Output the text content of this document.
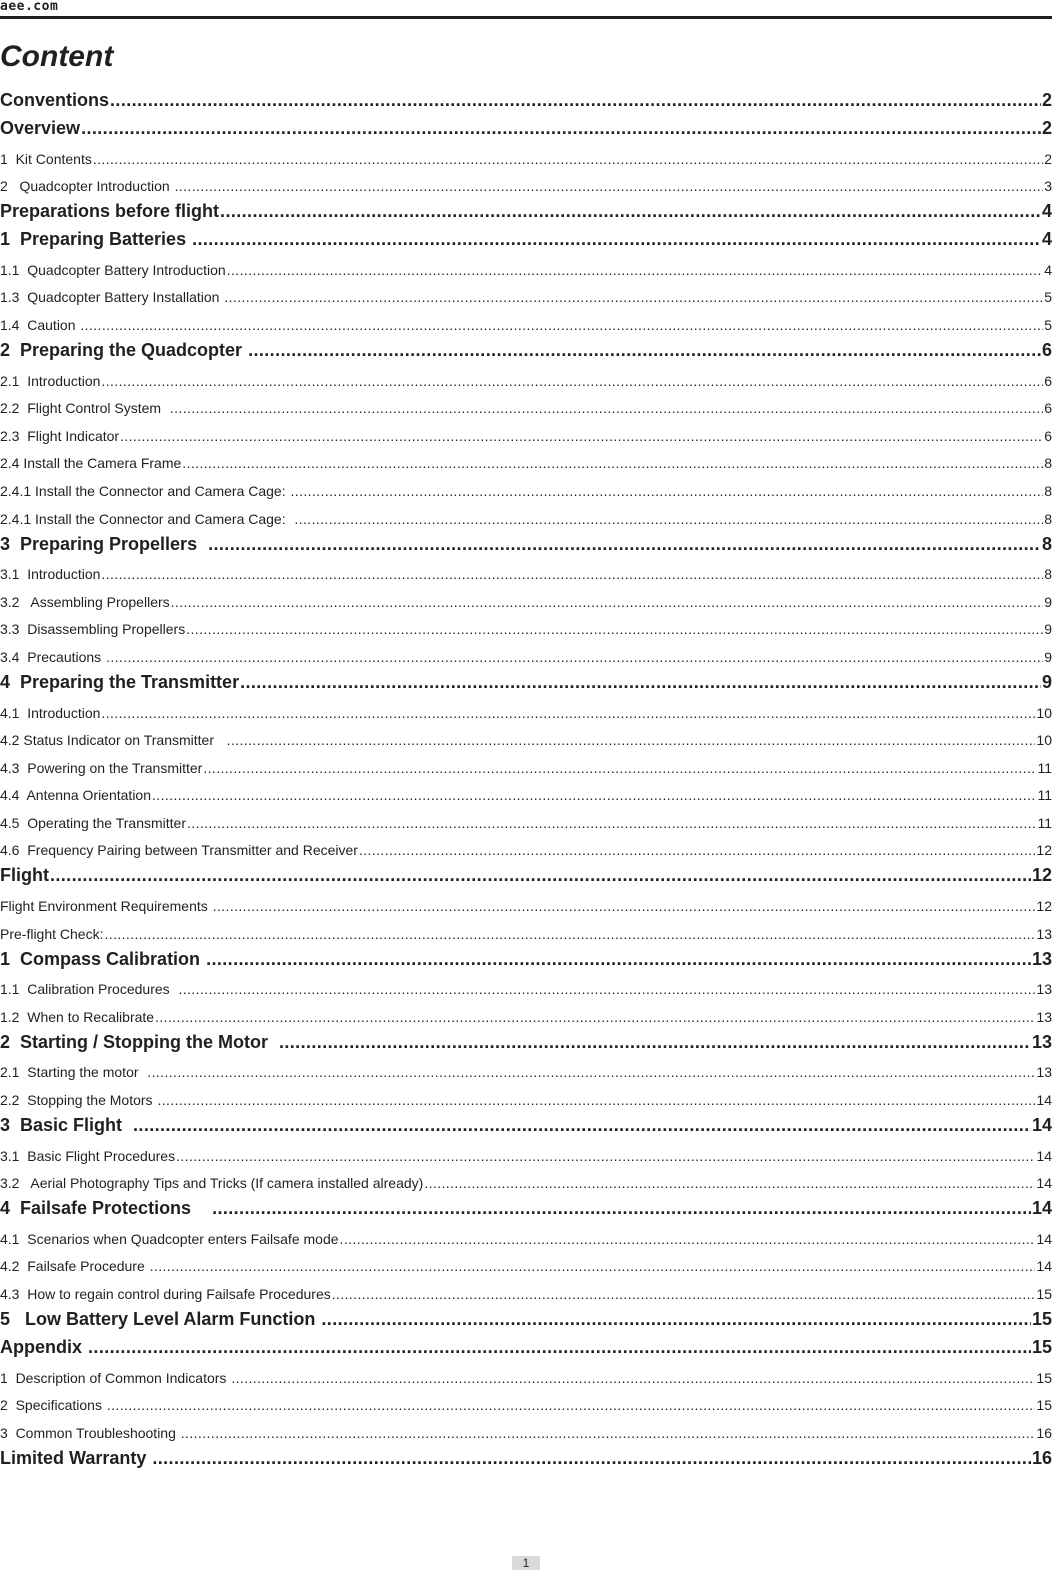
aee.com
Content
Conventions .....	2
Overview .....	2
1  Kit Contents .....	2
2   Quadcopter Introduction .....	3
Preparations before flight .....	4
1  Preparing Batteries .....	4
1.1  Quadcopter Battery Introduction .....	4
1.3  Quadcopter Battery Installation .....	5
1.4  Caution .....	5
2  Preparing the Quadcopter .....	6
2.1  Introduction .....	6
2.2  Flight Control System .....	6
2.3  Flight Indicator .....	6
2.4 Install the Camera Frame .....	8
2.4.1 Install the Connector and Camera Cage: .....	8
2.4.1 Install the Connector and Camera Cage: .....	8
3  Preparing Propellers .....	8
3.1  Introduction .....	8
3.2   Assembling Propellers .....	9
3.3  Disassembling Propellers .....	9
3.4  Precautions .....	9
4  Preparing the Transmitter .....	9
4.1  Introduction .....	10
4.2 Status Indicator on Transmitter .....	10
4.3  Powering on the Transmitter .....	11
4.4  Antenna Orientation .....	11
4.5  Operating the Transmitter .....	11
4.6  Frequency Pairing between Transmitter and Receiver .....	12
Flight .....	12
Flight Environment Requirements .....	12
Pre-flight Check: .....	13
1  Compass Calibration .....	13
1.1  Calibration Procedures .....	13
1.2  When to Recalibrate .....	13
2  Starting / Stopping the Motor .....	13
2.1  Starting the motor .....	13
2.2  Stopping the Motors .....	14
3  Basic Flight .....	14
3.1  Basic Flight Procedures .....	14
3.2   Aerial Photography Tips and Tricks (If camera installed already) .....	14
4  Failsafe Protections .....	14
4.1  Scenarios when Quadcopter enters Failsafe mode .....	14
4.2  Failsafe Procedure .....	14
4.3  How to regain control during Failsafe Procedures .....	15
5   Low Battery Level Alarm Function .....	15
Appendix .....	15
1  Description of Common Indicators .....	15
2  Specifications .....	15
3  Common Troubleshooting .....	16
Limited Warranty .....	16
1
